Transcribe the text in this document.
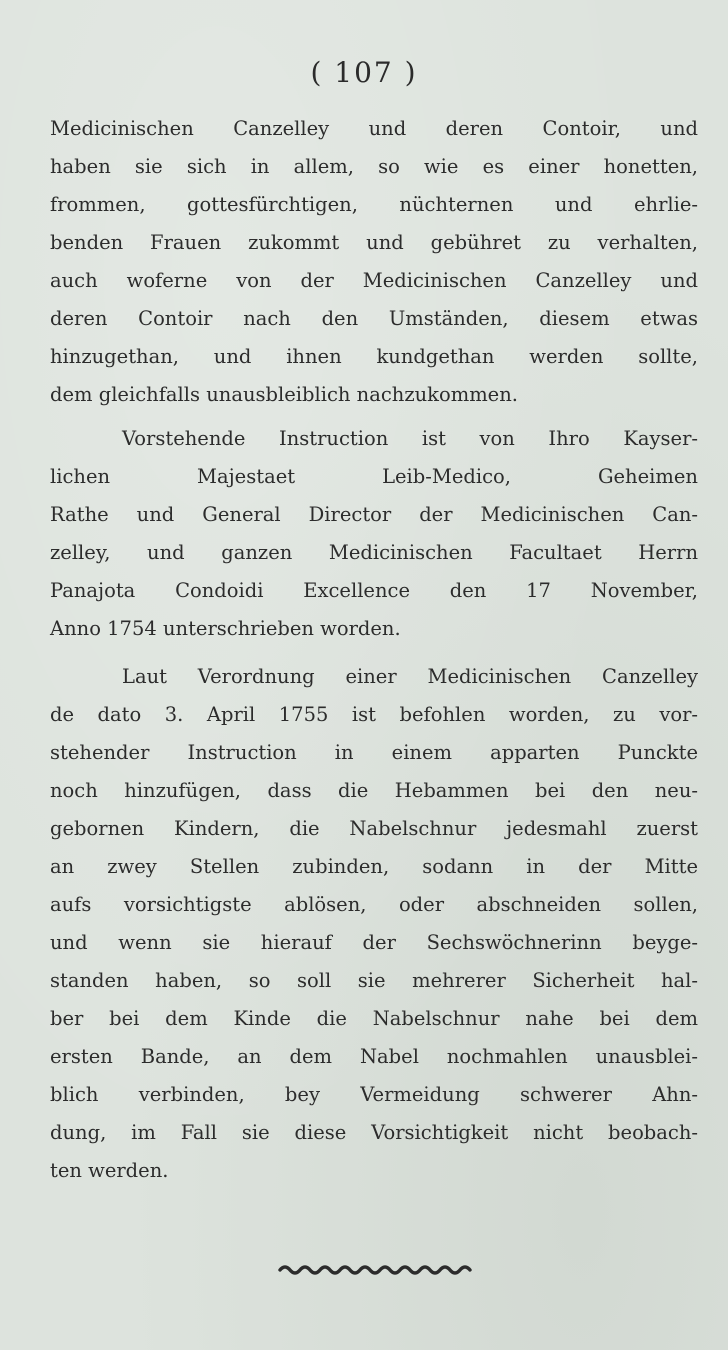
( 107 )
Medicinischen Canzelley und deren Contoir, und
haben sie sich in allem, so wie es einer honetten,
frommen, gottesfürchtigen, nüchternen und ehrlie-
benden Frauen zukommt und gebühret zu verhalten,
auch woferne von der Medicinischen Canzelley und
deren Contoir nach den Umständen, diesem etwas
hinzugethan, und ihnen kundgethan werden sollte,
dem gleichfalls unausbleiblich nachzukommen.
Vorstehende Instruction ist von Ihro Kayser-
lichen Majestaet Leib-Medico, Geheimen
Rathe und General Director der Medicinischen Can-
zelley, und ganzen Medicinischen Facultaet Herrn
Panajota Condoidi Excellence den 17 November,
Anno 1754 unterschrieben worden.
Laut Verordnung einer Medicinischen Canzelley
de dato 3. April 1755 ist befohlen worden, zu vor-
stehender Instruction in einem apparten Punckte
noch hinzufügen, dass die Hebammen bei den neu-
gebornen Kindern, die Nabelschnur jedesmahl zuerst
an zwey Stellen zubinden, sodann in der Mitte
aufs vorsichtigste ablösen, oder abschneiden sollen,
und wenn sie hierauf der Sechswöchnerinn beyge-
standen haben, so soll sie mehrerer Sicherheit hal-
ber bei dem Kinde die Nabelschnur nahe bei dem
ersten Bande, an dem Nabel nochmahlen unausblei-
blich verbinden, bey Vermeidung schwerer Ahn-
dung, im Fall sie diese Vorsichtigkeit nicht beobach-
ten werden.
